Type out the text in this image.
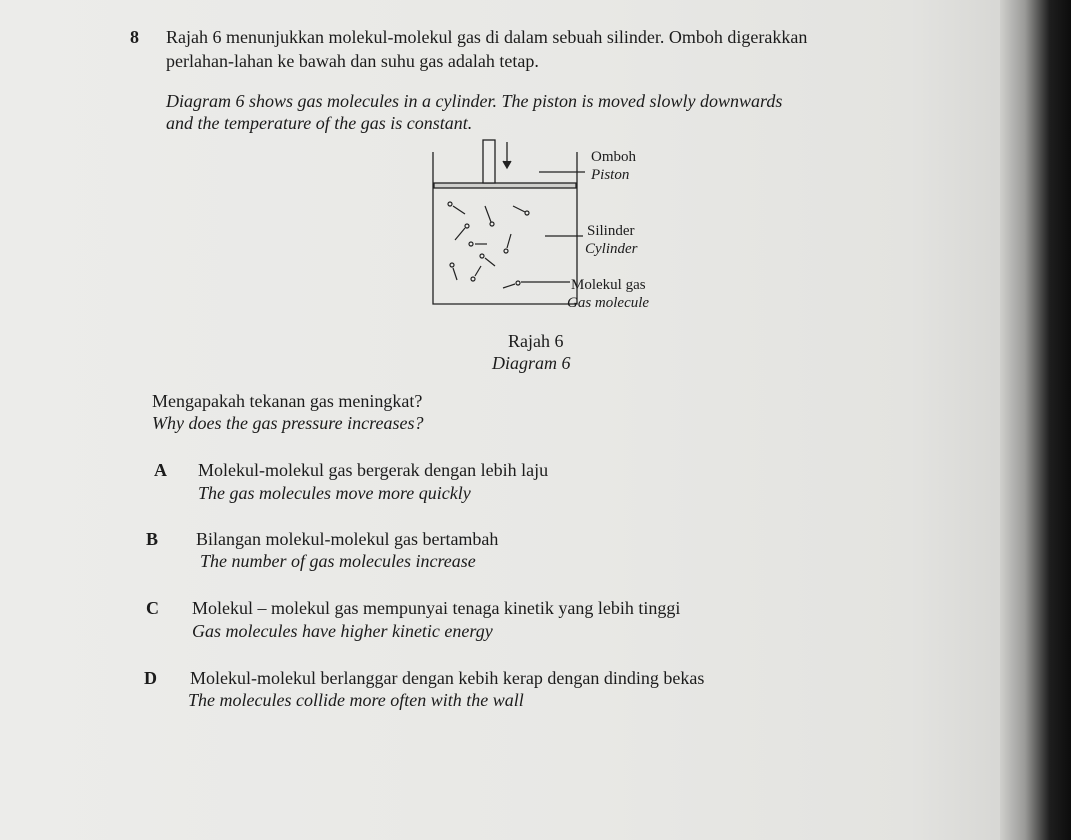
8 Rajah 6 menunjukkan molekul-molekul gas di dalam sebuah silinder. Omboh digerakkan
perlahan-lahan ke bawah dan suhu gas adalah tetap.
Diagram 6 shows gas molecules in a cylinder. The piston is moved slowly downwards
and the temperature of the gas is constant.
Omboh
Piston
Silinder
Cylinder
Molekul gas
Gas molecule
Rajah 6
Diagram 6
Mengapakah tekanan gas meningkat?
Why does the gas pressure increases?
A Molekul-molekul gas bergerak dengan lebih laju
The gas molecules move more quickly
B Bilangan molekul-molekul gas bertambah
The number of gas molecules increase
C Molekul – molekul gas mempunyai tenaga kinetik yang lebih tinggi
Gas molecules have higher kinetic energy
D Molekul-molekul berlanggar dengan kebih kerap dengan dinding bekas
The molecules collide more often with the wall
